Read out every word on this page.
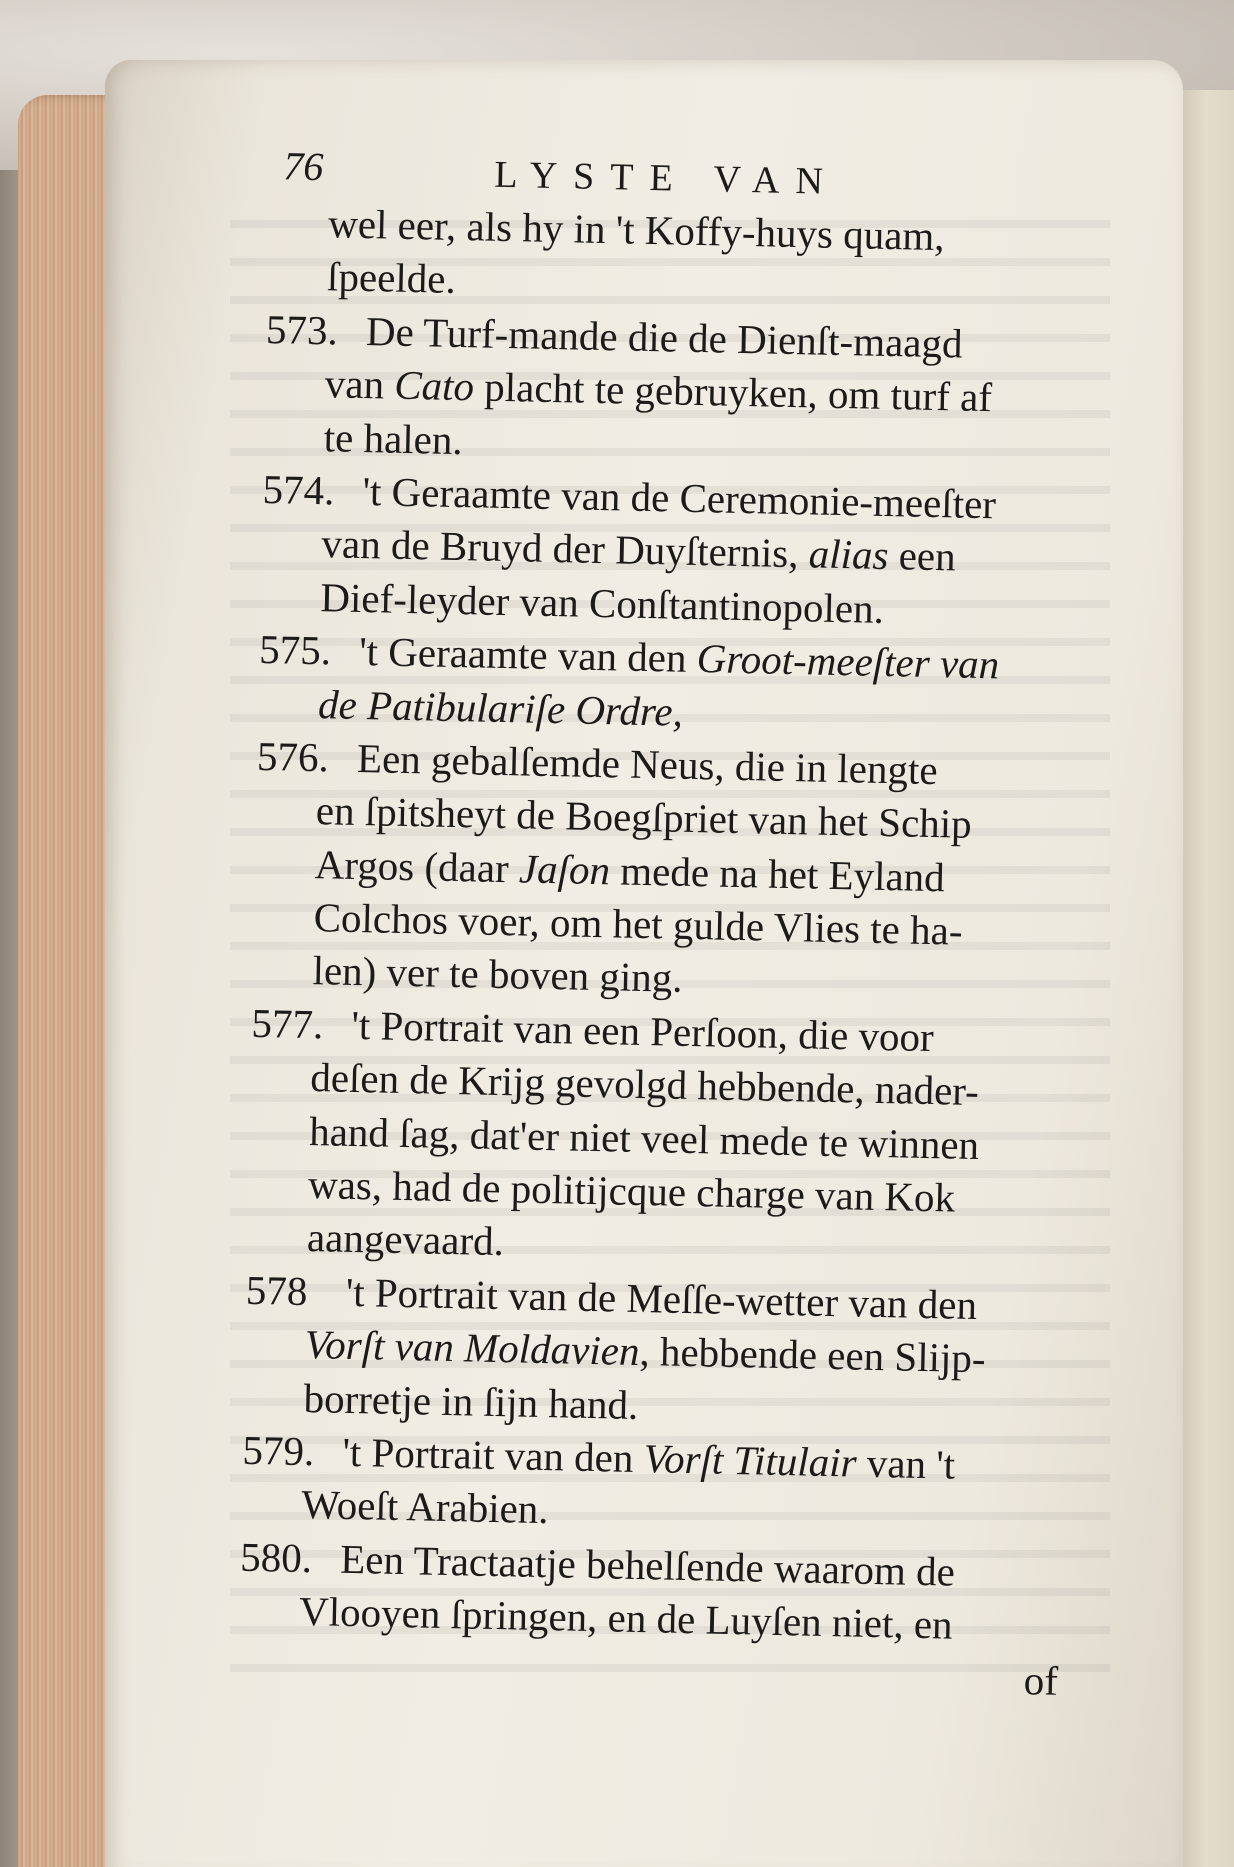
76	LYSTE VAN
wel eer, als hy in 't Koffy-huys quam,
ſpeelde.
573. De Turf-mande die de Dienſt-maagd
van Cato placht te gebruyken, om turf af
te halen.
574. 't Geraamte van de Ceremonie-meeſter
van de Bruyd der Duyſternis, alias een
Dief-leyder van Conſtantinopolen.
575. 't Geraamte van den Groot-meeſter van
de Patibulariſe Ordre,
576. Een gebalſemde Neus, die in lengte
en ſpitsheyt de Boegſpriet van het Schip
Argos (daar Jaſon mede na het Eyland
Colchos voer, om het gulde Vlies te ha-
len) ver te boven ging.
577. 't Portrait van een Perſoon, die voor
deſen de Krijg gevolgd hebbende, nader-
hand ſag, dat'er niet veel mede te winnen
was, had de politijcque charge van Kok
aangevaard.
578 't Portrait van de Meſſe-wetter van den
Vorſt van Moldavien, hebbende een Slijp-
borretje in ſijn hand.
579. 't Portrait van den Vorſt Titulair van 't
Woeſt Arabien.
580. Een Tractaatje behelſende waarom de
Vlooyen ſpringen, en de Luyſen niet, en
of
